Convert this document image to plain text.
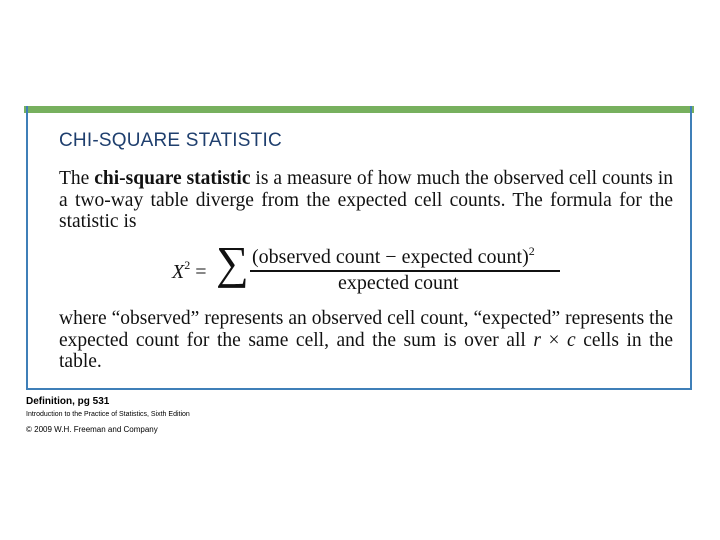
CHI-SQUARE STATISTIC
The chi-square statistic is a measure of how much the observed cell counts in a two-way table diverge from the expected cell counts. The formula for the statistic is
$X^2$ = ∑ (observed count − expected count)$^2$
expected count
where “observed” represents an observed cell count, “expected” represents the expected count for the same cell, and the sum is over all r × c cells in the table.
Definition, pg 531
Introduction to the Practice of Statistics, Sixth Edition
© 2009 W.H. Freeman and Company
